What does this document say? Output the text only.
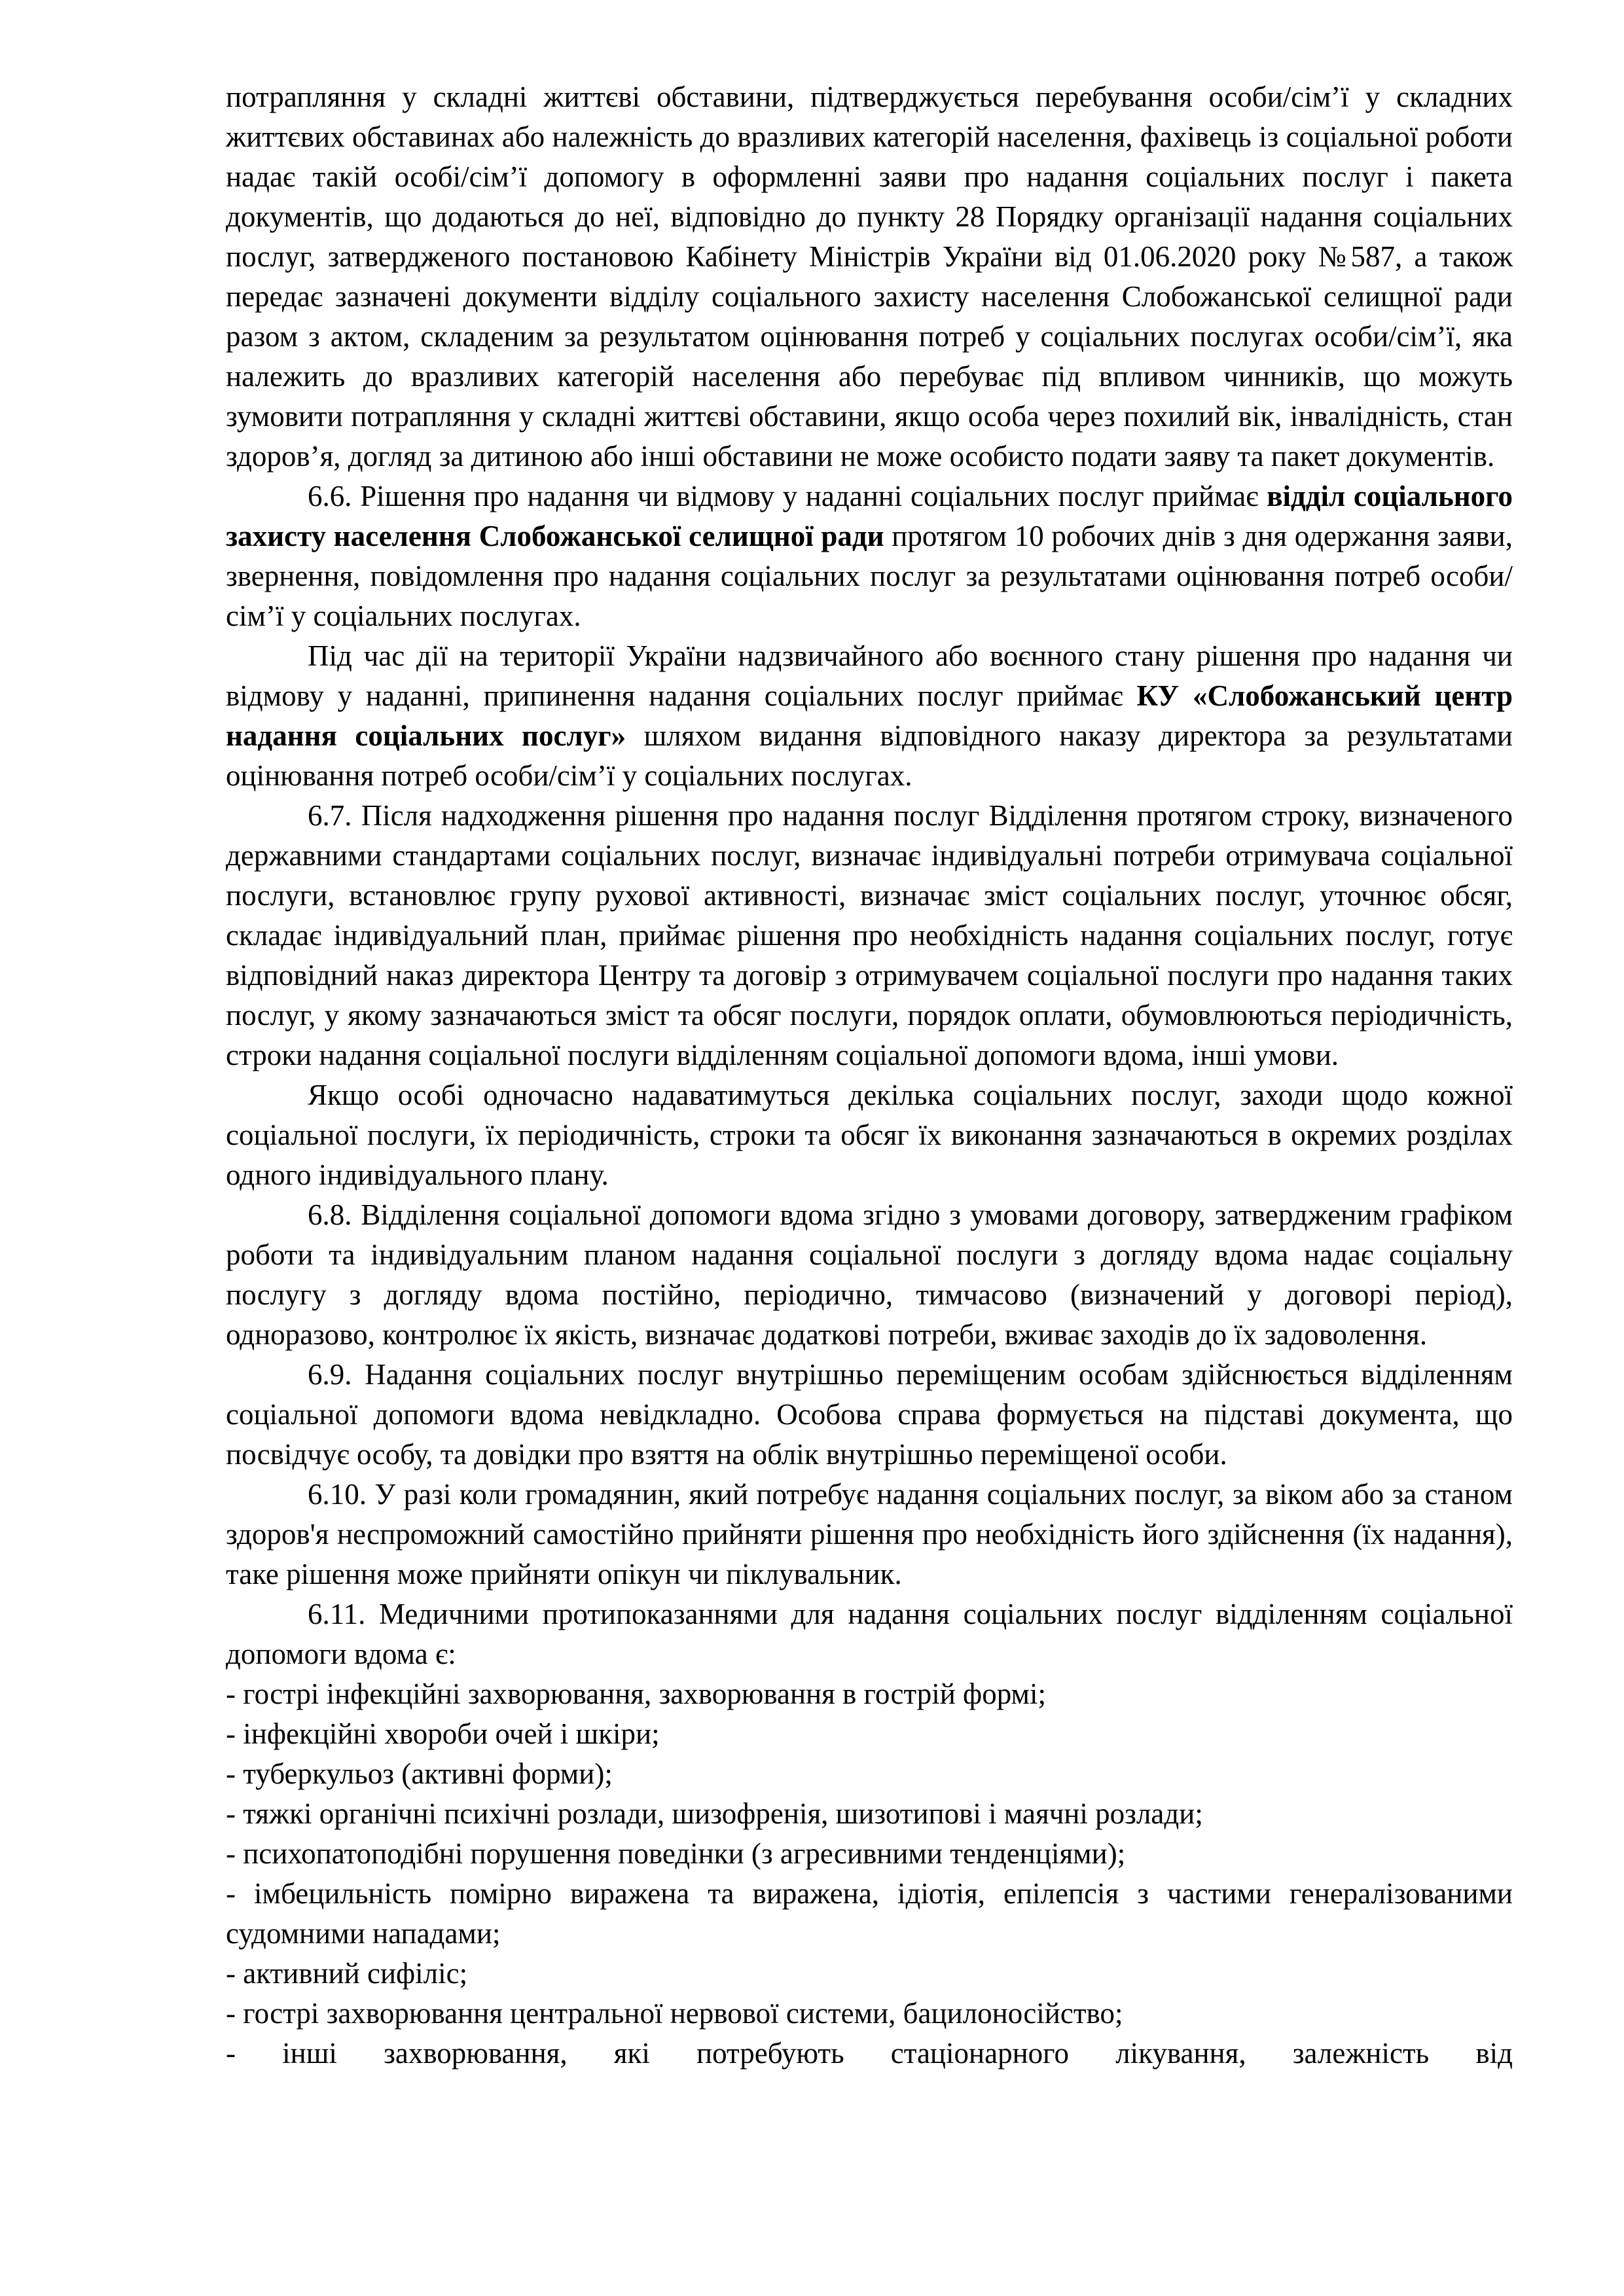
потрапляння у складні життєві обставини, підтверджується перебування особи/сім’ї у складних життєвих обставинах або належність до вразливих категорій населення, фахівець із соціальної роботи надає такій особі/сім’ї допомогу в оформленні заяви про надання соціальних послуг і пакета документів, що додаються до неї, відповідно до пункту 28 Порядку організації надання соціальних послуг, затвердженого постановою Кабінету Міністрів України від 01.06.2020 року №587, а також передає зазначені документи відділу соціального захисту населення Слобожанської селищної ради разом з актом, складеним за результатом оцінювання потреб у соціальних послугах особи/сім’ї, яка належить до вразливих категорій населення або перебуває під впливом чинників, що можуть зумовити потрапляння у складні життєві обставини, якщо особа через похилий вік, інвалідність, стан здоров’я, догляд за дитиною або інші обставини не може особисто подати заяву та пакет документів.

6.6. Рішення про надання чи відмову у наданні соціальних послуг приймає відділ соціального захисту населення Слобожанської селищної ради протягом 10 робочих днів з дня одержання заяви, звернення, повідомлення про надання соціальних послуг за результатами оцінювання потреб особи/сім’ї у соціальних послугах.

Під час дії на території України надзвичайного або воєнного стану рішення про надання чи відмову у наданні, припинення надання соціальних послуг приймає КУ «Слобожанський центр надання соціальних послуг» шляхом видання відповідного наказу директора за результатами оцінювання потреб особи/сім’ї у соціальних послугах.

6.7. Після надходження рішення про надання послуг Відділення протягом строку, визначеного державними стандартами соціальних послуг, визначає індивідуальні потреби отримувача соціальної послуги, встановлює групу рухової активності, визначає зміст соціальних послуг, уточнює обсяг, складає індивідуальний план, приймає рішення про необхідність надання соціальних послуг, готує відповідний наказ директора Центру та договір з отримувачем соціальної послуги про надання таких послуг, у якому зазначаються зміст та обсяг послуги, порядок оплати, обумовлюються періодичність, строки надання соціальної послуги відділенням соціальної допомоги вдома, інші умови.

Якщо особі одночасно надаватимуться декілька соціальних послуг, заходи щодо кожної соціальної послуги, їх періодичність, строки та обсяг їх виконання зазначаються в окремих розділах одного індивідуального плану.

6.8. Відділення соціальної допомоги вдома згідно з умовами договору, затвердженим графіком роботи та індивідуальним планом надання соціальної послуги з догляду вдома надає соціальну послугу з догляду вдома постійно, періодично, тимчасово (визначений у договорі період), одноразово, контролює їх якість, визначає додаткові потреби, вживає заходів до їх задоволення.

6.9. Надання соціальних послуг внутрішньо переміщеним особам здійснюється відділенням соціальної допомоги вдома невідкладно. Особова справа формується на підставі документа, що посвідчує особу, та довідки про взяття на облік внутрішньо переміщеної особи.

6.10. У разі коли громадянин, який потребує надання соціальних послуг, за віком або за станом здоров'я неспроможний самостійно прийняти рішення про необхідність його здійснення (їх надання), таке рішення може прийняти опікун чи піклувальник.

6.11. Медичними протипоказаннями для надання соціальних послуг відділенням соціальної допомоги вдома є:

- гострі інфекційні захворювання, захворювання в гострій формі;

- інфекційні хвороби очей і шкіри;

- туберкульоз (активні форми);

- тяжкі органічні психічні розлади, шизофренія, шизотипові і маячні розлади;

- психопатоподібні порушення поведінки (з агресивними тенденціями);

- імбецильність помірно виражена та виражена, ідіотія, епілепсія з частими генералізованими судомними нападами;

- активний сифіліс;

- гострі захворювання центральної нервової системи, бацилоносійство;

- інші захворювання, які потребують стаціонарного лікування, залежність від
